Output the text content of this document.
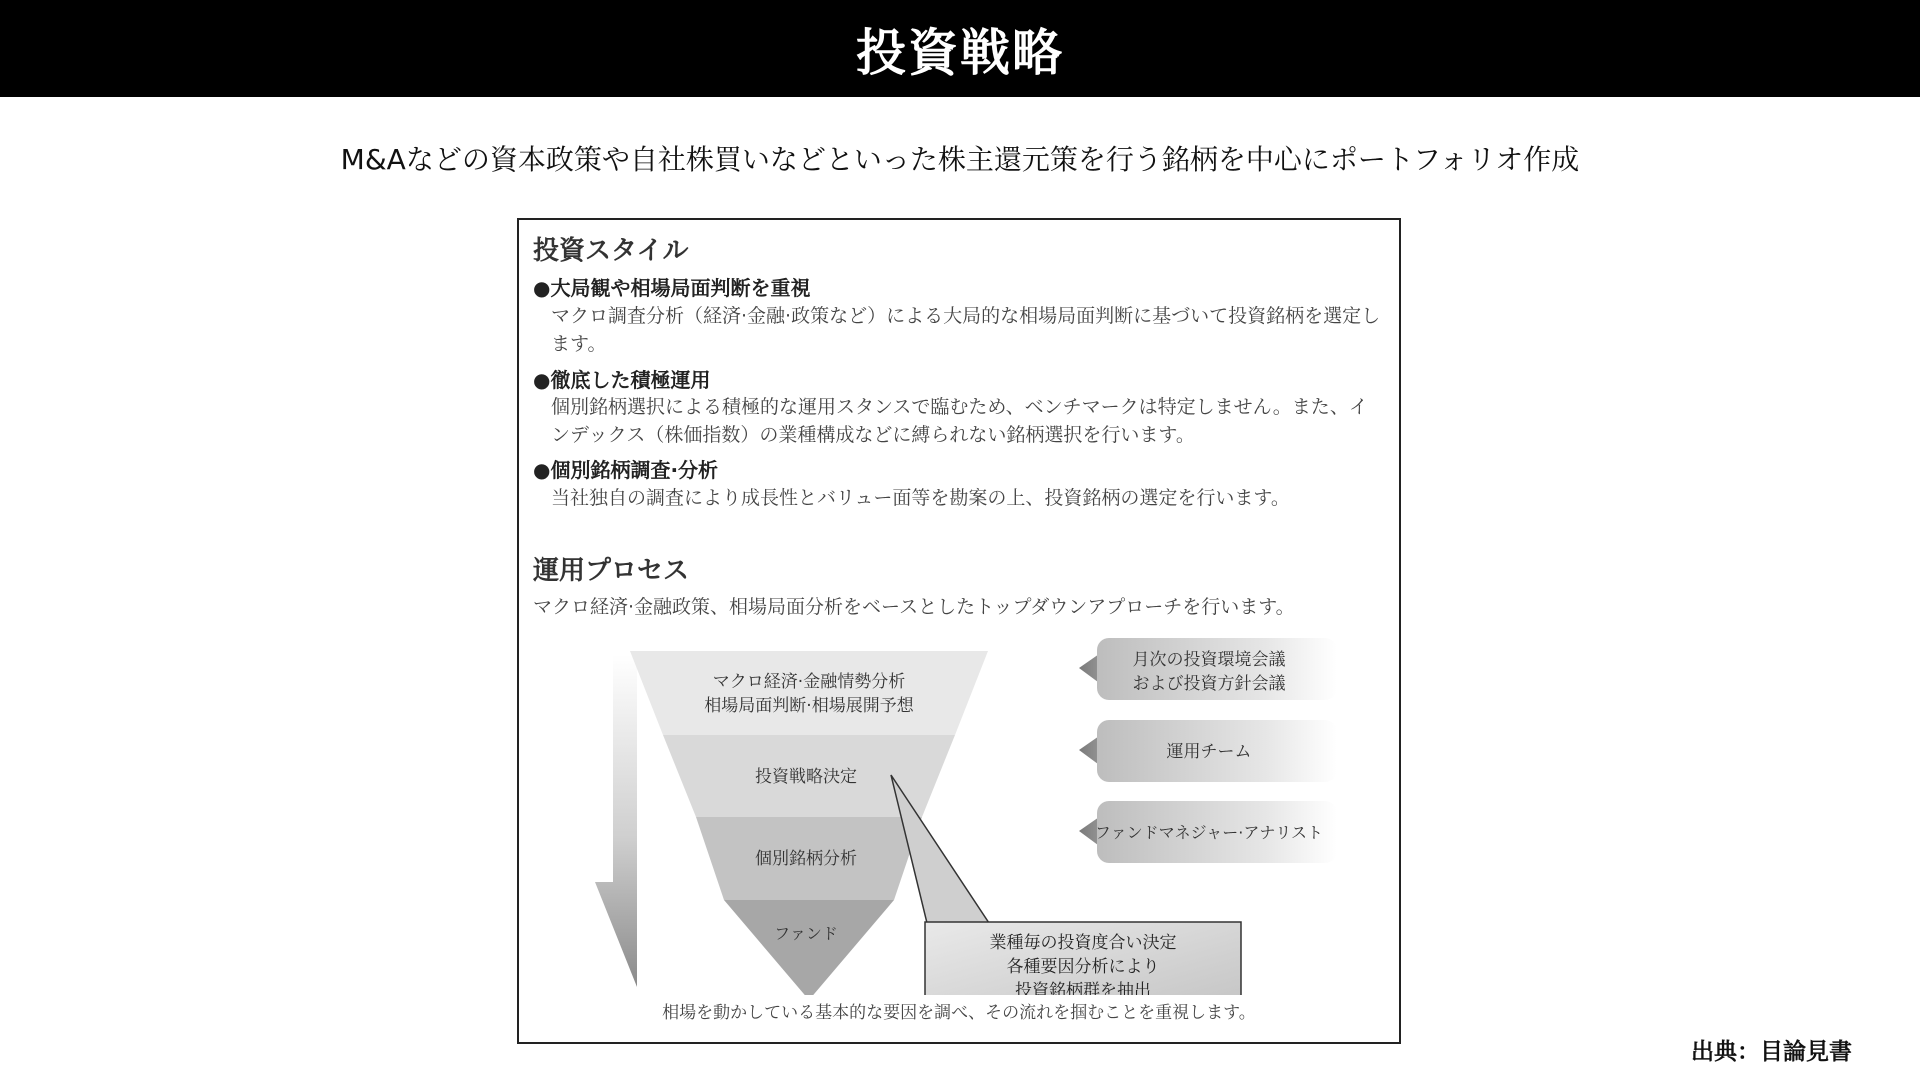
投資戦略
M&Aなどの資本政策や自社株買いなどといった株主還元策を行う銘柄を中心にポートフォリオ作成
投資スタイル
●大局観や相場局面判断を重視
マクロ調査分析（経済·金融·政策など）による大局的な相場局面判断に基づいて投資銘柄を選定します。
●徹底した積極運用
個別銘柄選択による積極的な運用スタンスで臨むため、ベンチマークは特定しません。また、インデックス（株価指数）の業種構成などに縛られない銘柄選択を行います。
●個別銘柄調査·分析
当社独自の調査により成長性とバリュー面等を勘案の上、投資銘柄の選定を行います。
運用プロセス
マクロ経済·金融政策、相場局面分析をベースとしたトップダウンアプローチを行います。
マクロ経済·金融情勢分析
相場局面判断·相場展開予想
投資戦略決定
個別銘柄分析
ファンド
月次の投資環境会議
および投資方針会議
運用チーム
ファンドマネジャー·アナリスト
業種毎の投資度合い決定
各種要因分析により
投資銘柄群を抽出
相場を動かしている基本的な要因を調べ、その流れを掴むことを重視します。
出典：目論見書
